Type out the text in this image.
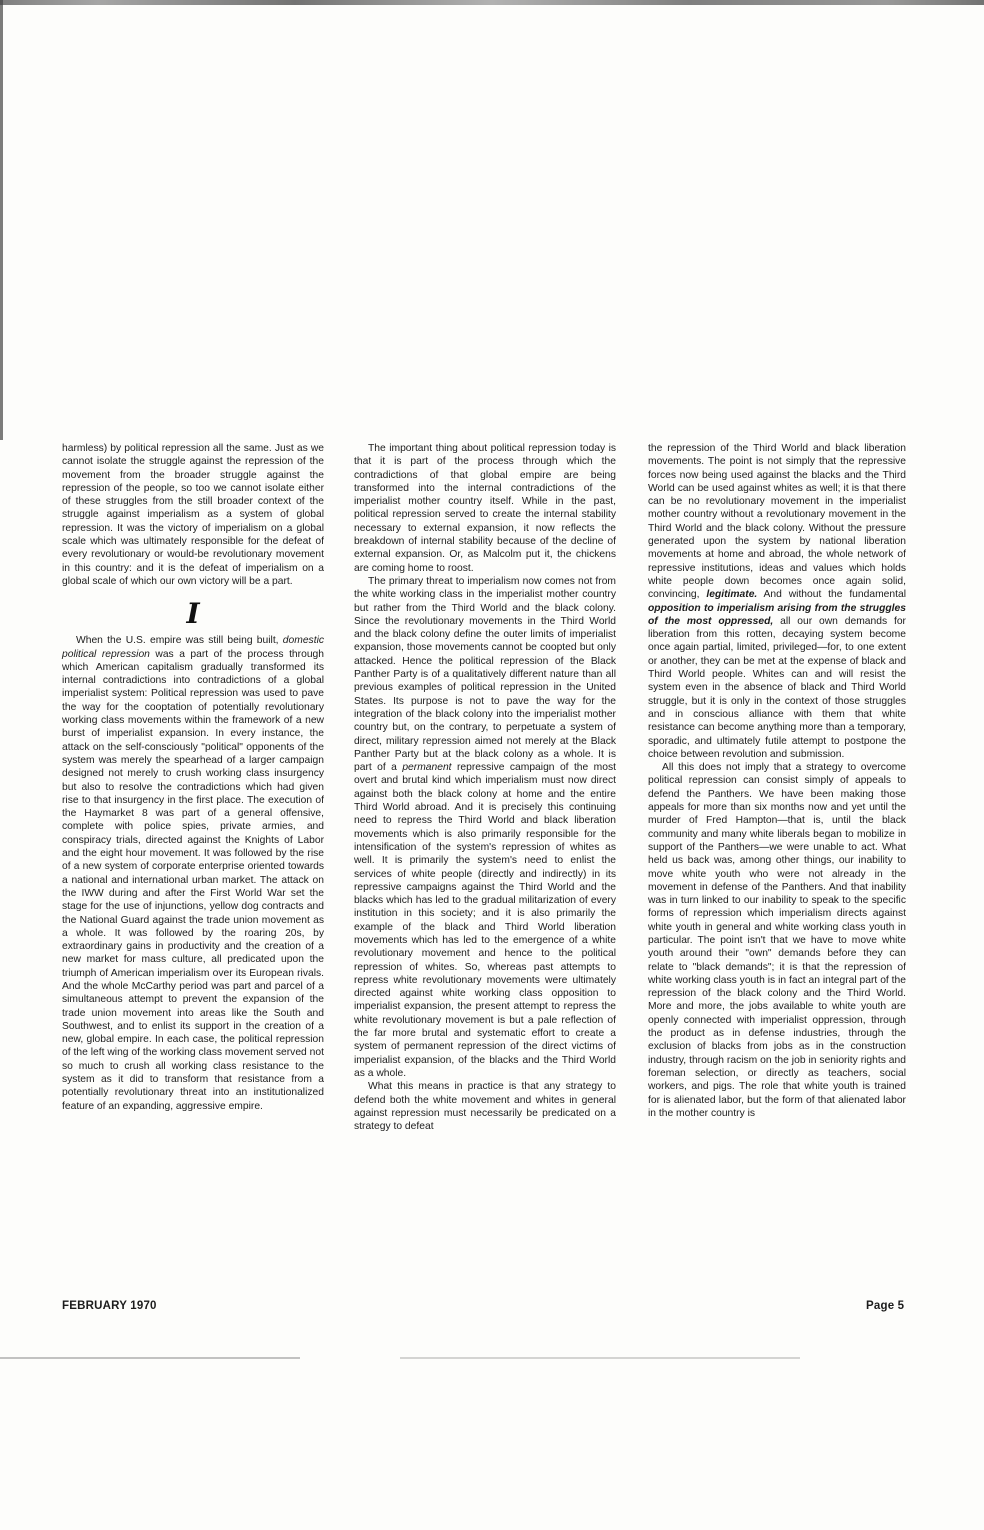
harmless) by political repression all the same. Just as we cannot isolate the struggle against the repression of the movement from the broader struggle against the repression of the people, so too we cannot isolate either of these struggles from the still broader context of the struggle against imperialism as a system of global repression. It was the victory of imperialism on a global scale which was ultimately responsible for the defeat of every revolutionary or would-be revolutionary movement in this country: and it is the defeat of imperialism on a global scale of which our own victory will be a part.

I

When the U.S. empire was still being built, domestic political repression was a part of the process through which American capitalism gradually transformed its internal contradictions into contradictions of a global imperialist system: Political repression was used to pave the way for the cooptation of potentially revolutionary working class movements within the framework of a new burst of imperialist expansion. In every instance, the attack on the self-consciously "political" opponents of the system was merely the spearhead of a larger campaign designed not merely to crush working class insurgency but also to resolve the contradictions which had given rise to that insurgency in the first place. The execution of the Haymarket 8 was part of a general offensive, complete with police spies, private armies, and conspiracy trials, directed against the Knights of Labor and the eight hour movement. It was followed by the rise of a new system of corporate enterprise oriented towards a national and international urban market. The attack on the IWW during and after the First World War set the stage for the use of injunctions, yellow dog contracts and the National Guard against the trade union movement as a whole. It was followed by the roaring 20s, by extraordinary gains in productivity and the creation of a new market for mass culture, all predicated upon the triumph of American imperialism over its European rivals. And the whole McCarthy period was part and parcel of a simultaneous attempt to prevent the expansion of the trade union movement into areas like the South and Southwest, and to enlist its support in the creation of a new, global empire. In each case, the political repression of the left wing of the working class movement served not so much to crush all working class resistance to the system as it did to transform that resistance from a potentially revolutionary threat into an institutionalized feature of an expanding, aggressive empire.

The important thing about political repression today is that it is part of the process through which the contradictions of that global empire are being transformed into the internal contradictions of the imperialist mother country itself. While in the past, political repression served to create the internal stability necessary to external expansion, it now reflects the breakdown of internal stability because of the decline of external expansion. Or, as Malcolm put it, the chickens are coming home to roost.

The primary threat to imperialism now comes not from the white working class in the imperialist mother country but rather from the Third World and the black colony. Since the revolutionary movements in the Third World and the black colony define the outer limits of imperialist expansion, those movements cannot be coopted but only attacked. Hence the political repression of the Black Panther Party is of a qualitatively different nature than all previous examples of political repression in the United States. Its purpose is not to pave the way for the integration of the black colony into the imperialist mother country but, on the contrary, to perpetuate a system of direct, military repression aimed not merely at the Black Panther Party but at the black colony as a whole. It is part of a permanent repressive campaign of the most overt and brutal kind which imperialism must now direct against both the black colony at home and the entire Third World abroad. And it is precisely this continuing need to repress the Third World and black liberation movements which is also primarily responsible for the intensification of the system's repression of whites as well. It is primarily the system's need to enlist the services of white people (directly and indirectly) in its repressive campaigns against the Third World and the blacks which has led to the gradual militarization of every institution in this society; and it is also primarily the example of the black and Third World liberation movements which has led to the emergence of a white revolutionary movement and hence to the political repression of whites. So, whereas past attempts to repress white revolutionary movements were ultimately directed against white working class opposition to imperialist expansion, the present attempt to repress the white revolutionary movement is but a pale reflection of the far more brutal and systematic effort to create a system of permanent repression of the direct victims of imperialist expansion, of the blacks and the Third World as a whole.

What this means in practice is that any strategy to defend both the white movement and whites in general against repression must necessarily be predicated on a strategy to defeat

the repression of the Third World and black liberation movements. The point is not simply that the repressive forces now being used against the blacks and the Third World can be used against whites as well; it is that there can be no revolutionary movement in the imperialist mother country without a revolutionary movement in the Third World and the black colony. Without the pressure generated upon the system by national liberation movements at home and abroad, the whole network of repressive institutions, ideas and values which holds white people down becomes once again solid, convincing, legitimate. And without the fundamental opposition to imperialism arising from the struggles of the most oppressed, all our own demands for liberation from this rotten, decaying system become once again partial, limited, privileged—for, to one extent or another, they can be met at the expense of black and Third World people. Whites can and will resist the system even in the absence of black and Third World struggle, but it is only in the context of those struggles and in conscious alliance with them that white resistance can become anything more than a temporary, sporadic, and ultimately futile attempt to postpone the choice between revolution and submission.

All this does not imply that a strategy to overcome political repression can consist simply of appeals to defend the Panthers. We have been making those appeals for more than six months now and yet until the murder of Fred Hampton—that is, until the black community and many white liberals began to mobilize in support of the Panthers—we were unable to act. What held us back was, among other things, our inability to move white youth who were not already in the movement in defense of the Panthers. And that inability was in turn linked to our inability to speak to the specific forms of repression which imperialism directs against white youth in general and white working class youth in particular. The point isn't that we have to move white youth around their "own" demands before they can relate to "black demands"; it is that the repression of white working class youth is in fact an integral part of the repression of the black colony and the Third World. More and more, the jobs available to white youth are openly connected with imperialist oppression, through the product as in defense industries, through the exclusion of blacks from jobs as in the construction industry, through racism on the job in seniority rights and foreman selection, or directly as teachers, social workers, and pigs. The role that white youth is trained for is alienated labor, but the form of that alienated labor in the mother country is

FEBRUARY 1970	Page 5
